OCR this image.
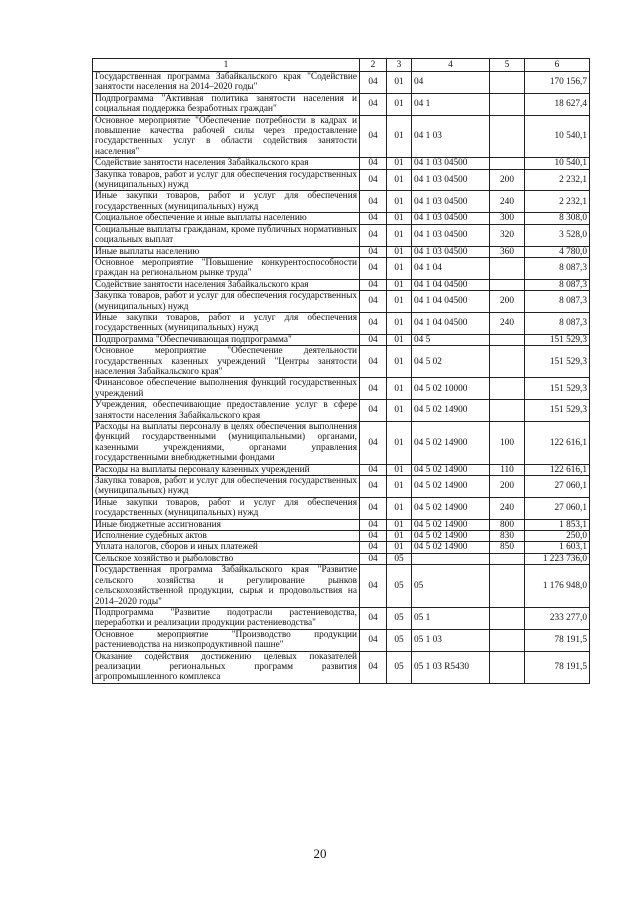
1	2	3	4	5	6
Государственная программа Забайкальского края "Содействие занятости населения на 2014–2020 годы"	04	01	04		170 156,7
Подпрограмма "Активная политика занятости населения и социальная поддержка безработных граждан"	04	01	04 1		18 627,4
Основное мероприятие "Обеспечение потребности в кадрах и повышение качества рабочей силы через предоставление государственных услуг в области содействия занятости населения"	04	01	04 1 03		10 540,1
Содействие занятости населения Забайкальского края	04	01	04 1 03 04500		10 540,1
Закупка товаров, работ и услуг для обеспечения государственных (муниципальных) нужд	04	01	04 1 03 04500	200	2 232,1
Иные закупки товаров, работ и услуг для обеспечения государственных (муниципальных) нужд	04	01	04 1 03 04500	240	2 232,1
Социальное обеспечение и иные выплаты населению	04	01	04 1 03 04500	300	8 308,0
Социальные выплаты гражданам, кроме публичных нормативных социальных выплат	04	01	04 1 03 04500	320	3 528,0
Иные выплаты населению	04	01	04 1 03 04500	360	4 780,0
Основное мероприятие "Повышение конкурентоспособности граждан на региональном рынке труда"	04	01	04 1 04		8 087,3
Содействие занятости населения Забайкальского края	04	01	04 1 04 04500		8 087,3
Закупка товаров, работ и услуг для обеспечения государственных (муниципальных) нужд	04	01	04 1 04 04500	200	8 087,3
Иные закупки товаров, работ и услуг для обеспечения государственных (муниципальных) нужд	04	01	04 1 04 04500	240	8 087,3
Подпрограмма "Обеспечивающая подпрограмма"	04	01	04 5		151 529,3
Основное мероприятие "Обеспечение деятельности государственных казенных учреждений "Центры занятости населения Забайкальского края"	04	01	04 5 02		151 529,3
Финансовое обеспечение выполнения функций государственных учреждений	04	01	04 5 02 10000		151 529,3
Учреждения, обеспечивающие предоставление услуг в сфере занятости населения Забайкальского края	04	01	04 5 02 14900		151 529,3
Расходы на выплаты персоналу в целях обеспечения выполнения функций государственными (муниципальными) органами, казенными учреждениями, органами управления государственными внебюджетными фондами	04	01	04 5 02 14900	100	122 616,1
Расходы на выплаты персоналу казенных учреждений	04	01	04 5 02 14900	110	122 616,1
Закупка товаров, работ и услуг для обеспечения государственных (муниципальных) нужд	04	01	04 5 02 14900	200	27 060,1
Иные закупки товаров, работ и услуг для обеспечения государственных (муниципальных) нужд	04	01	04 5 02 14900	240	27 060,1
Иные бюджетные ассигнования	04	01	04 5 02 14900	800	1 853,1
Исполнение судебных актов	04	01	04 5 02 14900	830	250,0
Уплата налогов, сборов и иных платежей	04	01	04 5 02 14900	850	1 603,1
Сельское хозяйство и рыболовство	04	05			1 223 736,0
Государственная программа Забайкальского края "Развитие сельского хозяйства и регулирование рынков сельскохозяйственной продукции, сырья и продовольствия на 2014–2020 годы"	04	05	05		1 176 948,0
Подпрограмма "Развитие подотрасли растениеводства, переработки и реализации продукции растениеводства"	04	05	05 1		233 277,0
Основное мероприятие "Производство продукции растениеводства на низкопродуктивной пашне"	04	05	05 1 03		78 191,5
Оказание содействия достижению целевых показателей реализации региональных программ развития агропромышленного комплекса	04	05	05 1 03 R5430		78 191,5
20
